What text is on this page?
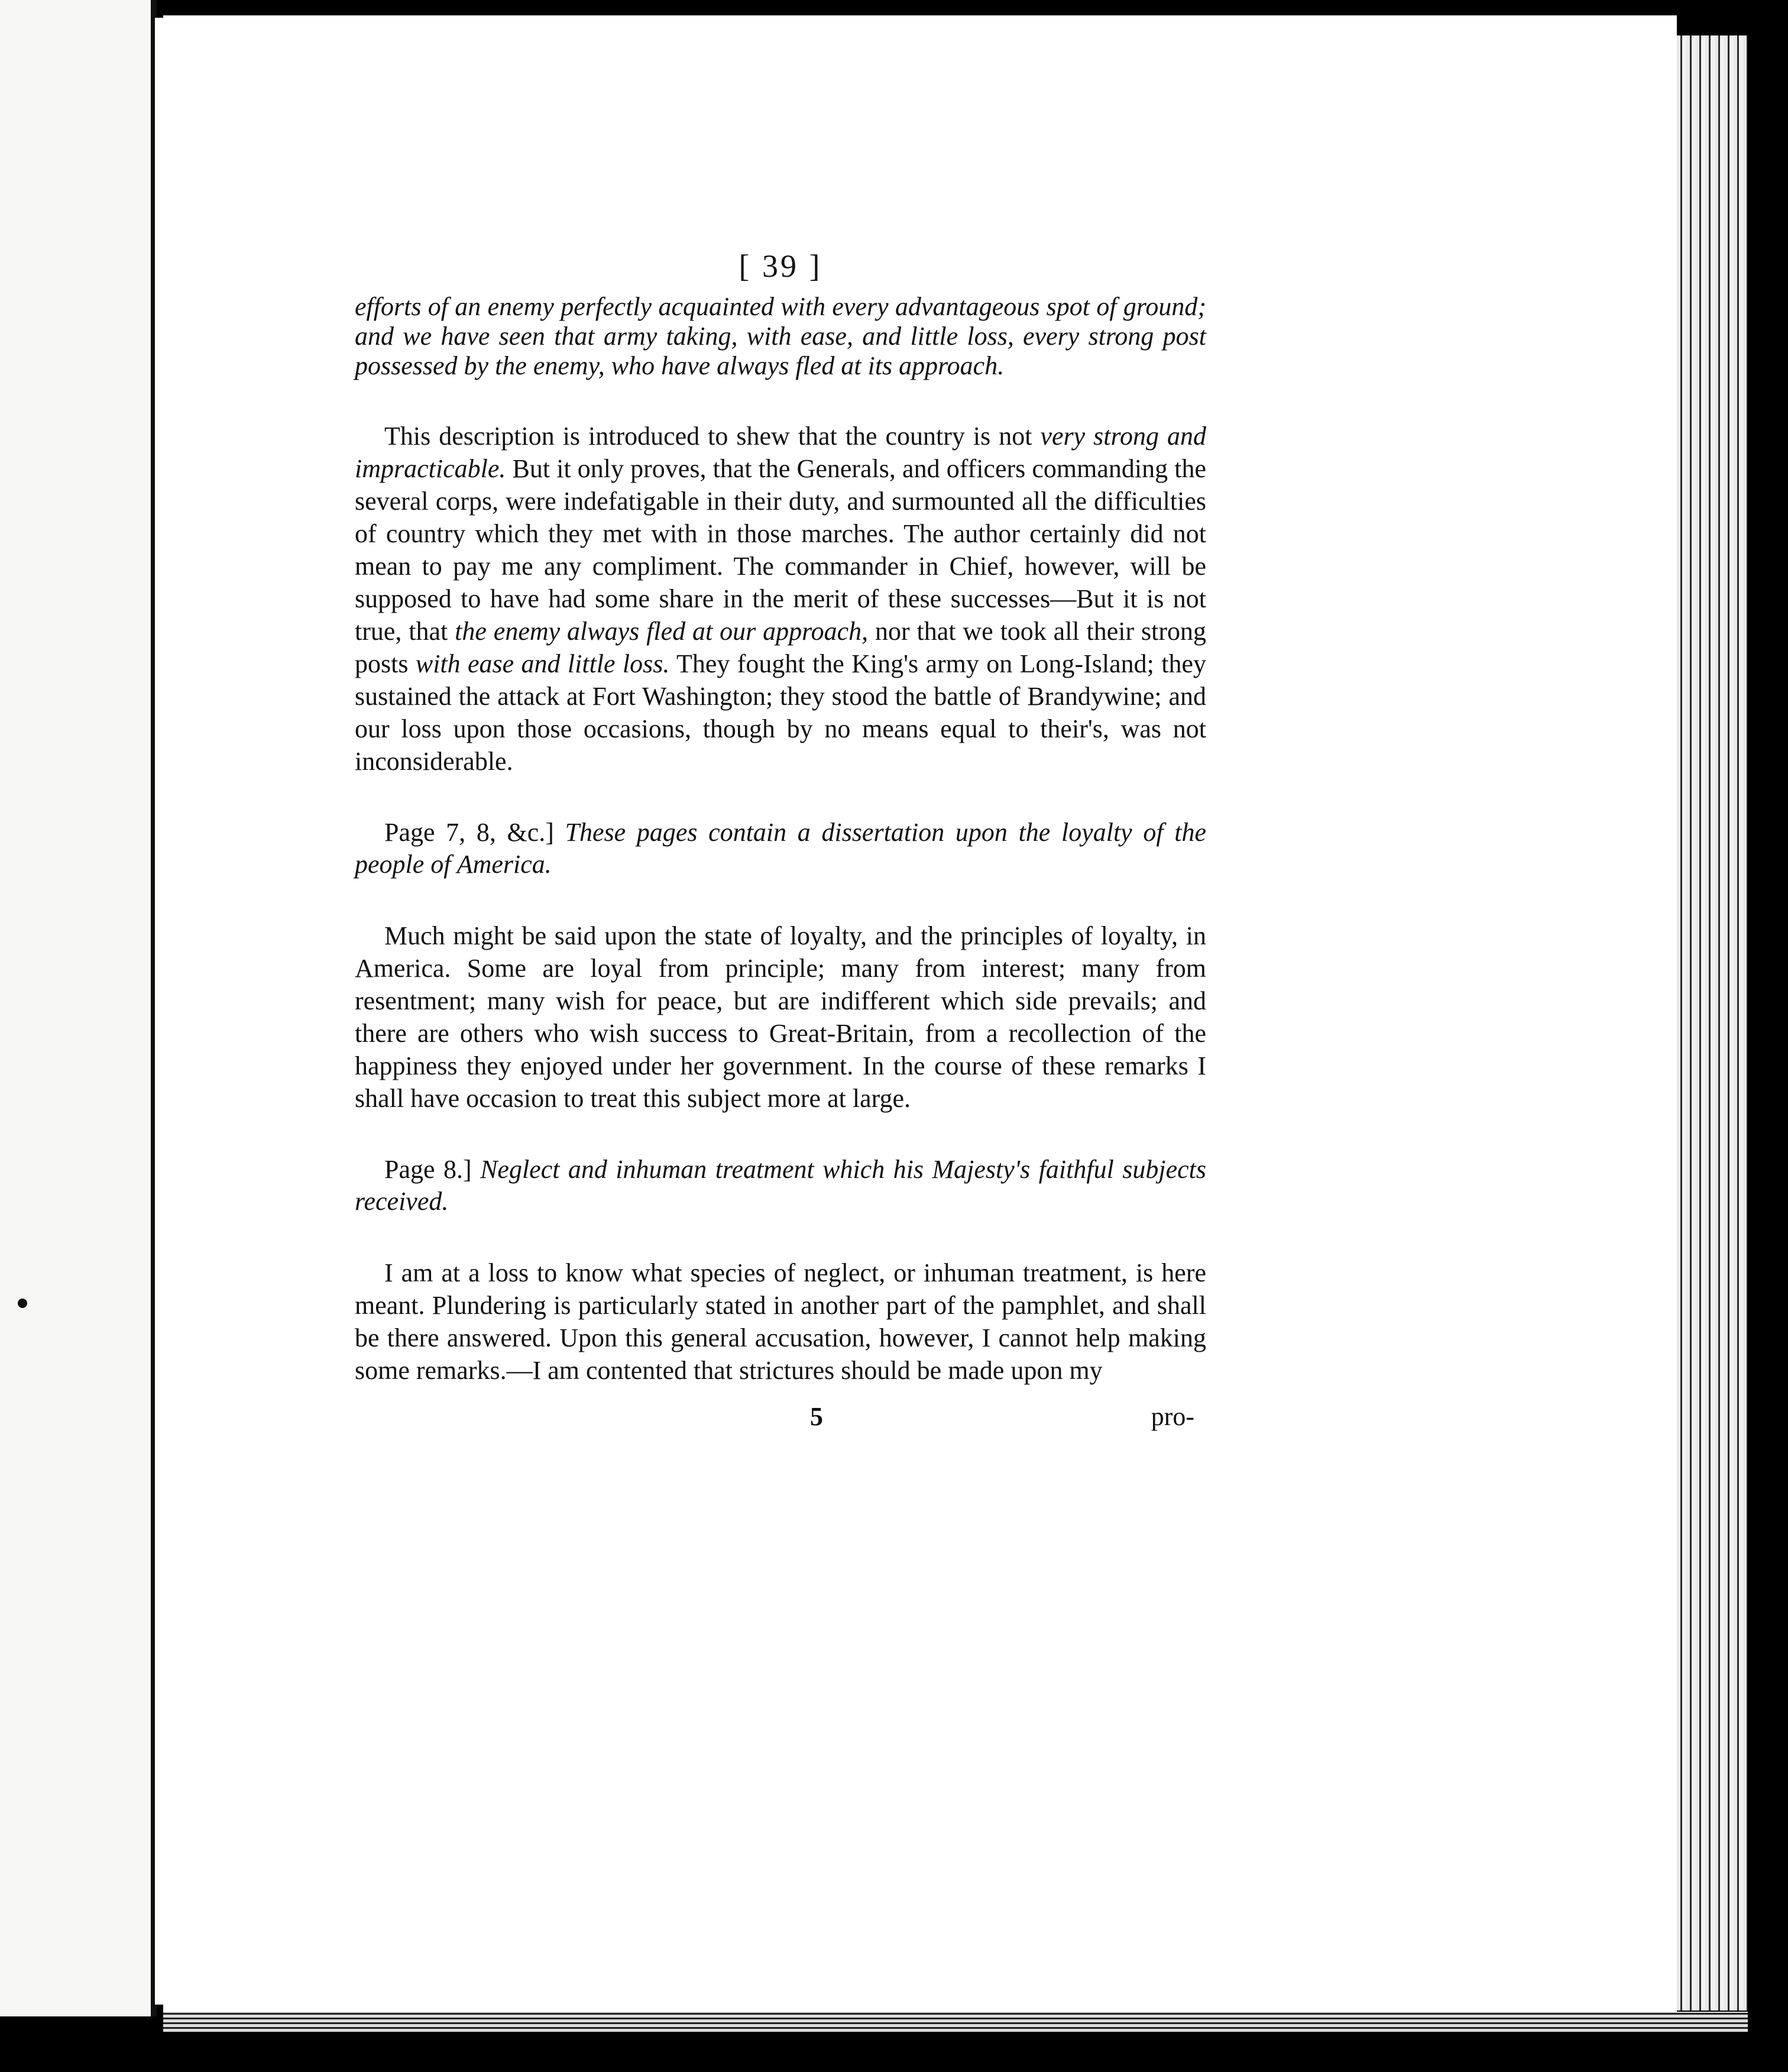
[ 39 ]

efforts of an enemy perfectly acquainted with every advantageous spot of ground; and we have seen that army taking, with ease, and little loss, every strong post possessed by the enemy, who have always fled at its approach.

This description is introduced to shew that the country is not very strong and impracticable. But it only proves, that the Generals, and officers commanding the several corps, were indefatigable in their duty, and surmounted all the difficulties of country which they met with in those marches. The author certainly did not mean to pay me any compliment. The commander in Chief, however, will be supposed to have had some share in the merit of these successes—But it is not true, that the enemy always fled at our approach, nor that we took all their strong posts with ease and little loss. They fought the King's army on Long-Island; they sustained the attack at Fort Washington; they stood the battle of Brandywine; and our loss upon those occasions, though by no means equal to their's, was not inconsiderable.

Page 7, 8, &c.] These pages contain a dissertation upon the loyalty of the people of America.

Much might be said upon the state of loyalty, and the principles of loyalty, in America. Some are loyal from principle; many from interest; many from resentment; many wish for peace, but are indifferent which side prevails; and there are others who wish success to Great-Britain, from a recollection of the happiness they enjoyed under her government. In the course of these remarks I shall have occasion to treat this subject more at large.

Page 8.] Neglect and inhuman treatment which his Majesty's faithful subjects received.

I am at a loss to know what species of neglect, or inhuman treatment, is here meant. Plundering is particularly stated in another part of the pamphlet, and shall be there answered. Upon this general accusation, however, I cannot help making some remarks.—I am contented that strictures should be made upon my

5	pro-
